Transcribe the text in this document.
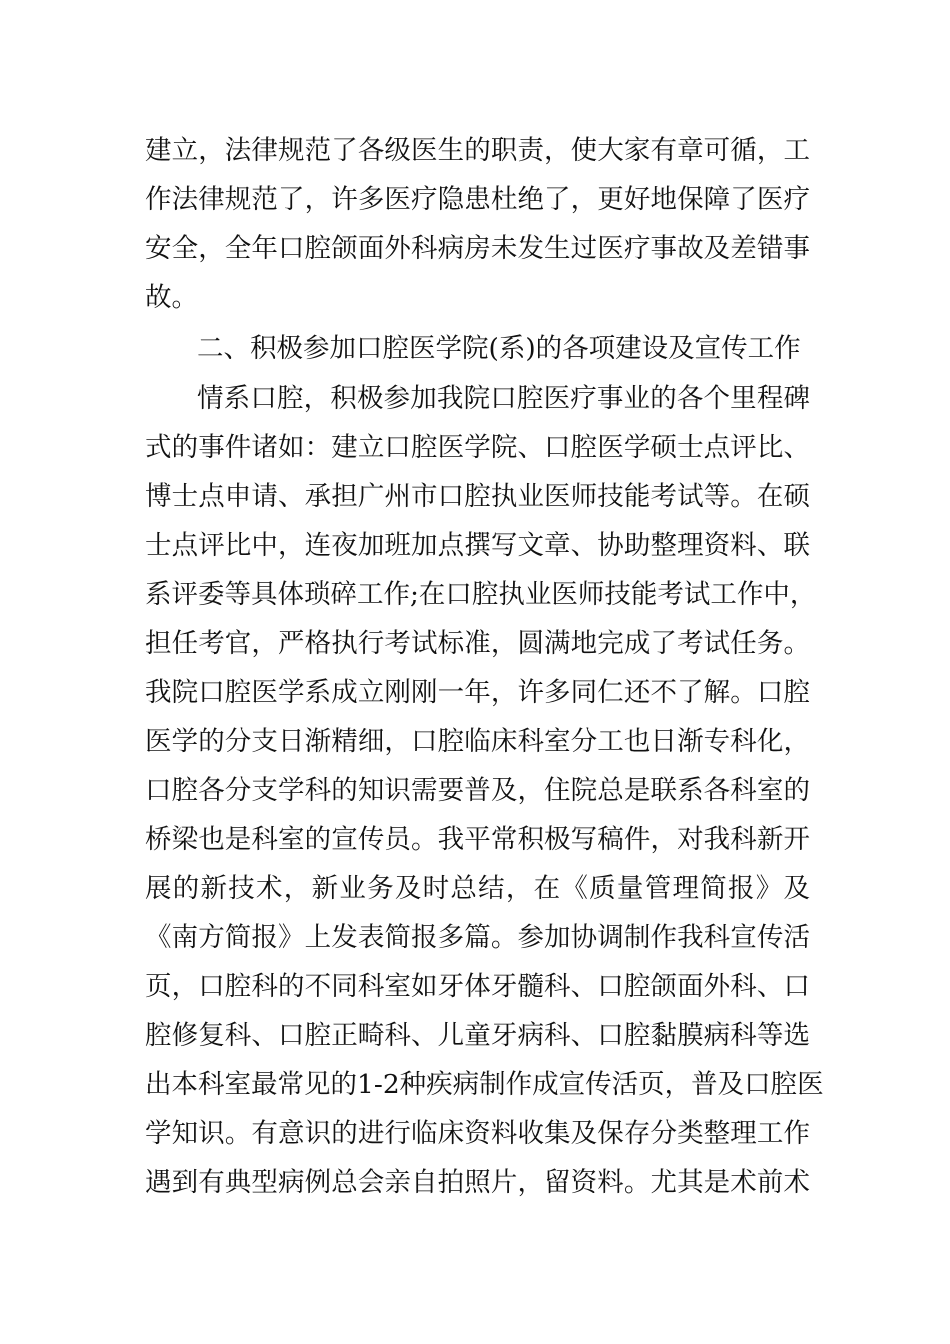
建立，法律规范了各级医生的职责，使大家有章可循，工
作法律规范了，许多医疗隐患杜绝了，更好地保障了医疗
安全，全年口腔颌面外科病房未发生过医疗事故及差错事
故。
二、积极参加口腔医学院(系)的各项建设及宣传工作
情系口腔，积极参加我院口腔医疗事业的各个里程碑
式的事件诸如：建立口腔医学院、口腔医学硕士点评比、
博士点申请、承担广州市口腔执业医师技能考试等。在硕
士点评比中，连夜加班加点撰写文章、协助整理资料、联
系评委等具体琐碎工作;在口腔执业医师技能考试工作中，
担任考官，严格执行考试标准，圆满地完成了考试任务。
我院口腔医学系成立刚刚一年，许多同仁还不了解。口腔
医学的分支日渐精细，口腔临床科室分工也日渐专科化，
口腔各分支学科的知识需要普及，住院总是联系各科室的
桥梁也是科室的宣传员。我平常积极写稿件，对我科新开
展的新技术，新业务及时总结，在《质量管理简报》及
《南方简报》上发表简报多篇。参加协调制作我科宣传活
页，口腔科的不同科室如牙体牙髓科、口腔颌面外科、口
腔修复科、口腔正畸科、儿童牙病科、口腔黏膜病科等选
出本科室最常见的1-2种疾病制作成宣传活页，普及口腔医
学知识。有意识的进行临床资料收集及保存分类整理工作
遇到有典型病例总会亲自拍照片，留资料。尤其是术前术
